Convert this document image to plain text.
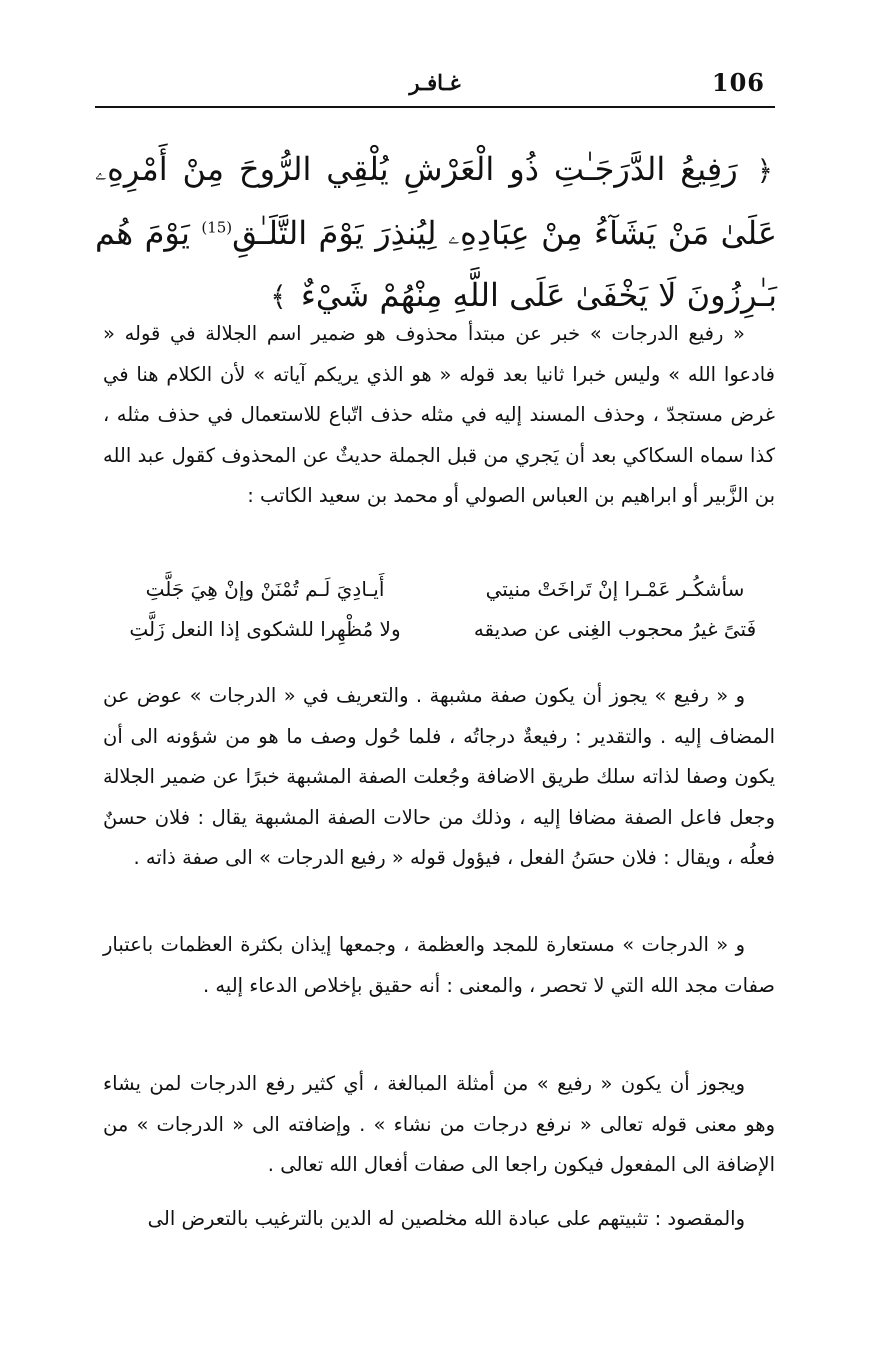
106
غـافـر
﴿ رَفِيعُ الدَّرَجَـٰتِ ذُو الْعَرْشِ يُلْقِي الرُّوحَ مِنْ أَمْرِهِۦ عَلَىٰ مَنْ يَشَآءُ مِنْ عِبَادِهِۦ لِيُنذِرَ يَوْمَ التَّلَـٰقِ$^{(15)}$ يَوْمَ هُم بَـٰرِزُونَ لَا يَخْفَىٰ عَلَى اللَّهِ مِنْهُمْ شَيْءٌ ﴾

« رفيع الدرجات » خبر عن مبتدأ محذوف هو ضمير اسم الجلالة في قوله « فادعوا الله » وليس خبرا ثانيا بعد قوله « هو الذي يريكم آياته » لأن الكلام هنا في غرض مستجدّ ، وحذف المسند إليه في مثله حذف اتّباع للاستعمال في حذف مثله ، كذا سماه السكاكي بعد أن يَجري من قبل الجملة حديثٌ عن المحذوف كقول عبد الله بن الزَّبير أو ابراهيم بن العباس الصولي أو محمد بن سعيد الكاتب :

سأشكُـر عَمْـرا إنْ تَراخَتْ منيتي
أَيـادِيَ لَـم تُمْنَنْ وإنْ هِيَ جَلَّتِ
فَتىً غيرُ محجوب الغِنى عن صديقه
ولا مُظْهِرا للشكوى إذا النعل زَلَّتِ

و « رفيع » يجوز أن يكون صفة مشبهة . والتعريف في « الدرجات » عوض عن المضاف إليه . والتقدير : رفيعةٌ درجاتُه ، فلما حُول وصف ما هو من شؤونه الى أن يكون وصفا لذاته سلك طريق الاضافة وجُعلت الصفة المشبهة خبرًا عن ضمير الجلالة وجعل فاعل الصفة مضافا إليه ، وذلك من حالات الصفة المشبهة يقال : فلان حسنٌ فعلُه ، ويقال : فلان حسَنُ الفعل ، فيؤول قوله « رفيع الدرجات » الى صفة ذاته .

و « الدرجات » مستعارة للمجد والعظمة ، وجمعها إيذان بكثرة العظمات باعتبار صفات مجد الله التي لا تحصر ، والمعنى : أنه حقيق بإخلاص الدعاء إليه .

ويجوز أن يكون « رفيع » من أمثلة المبالغة ، أي كثير رفع الدرجات لمن يشاء وهو معنى قوله تعالى « نرفع درجات من نشاء » . وإضافته الى « الدرجات » من الإضافة الى المفعول فيكون راجعا الى صفات أفعال الله تعالى .

والمقصود : تثبيتهم على عبادة الله مخلصين له الدين بالترغيب بالتعرض الى
